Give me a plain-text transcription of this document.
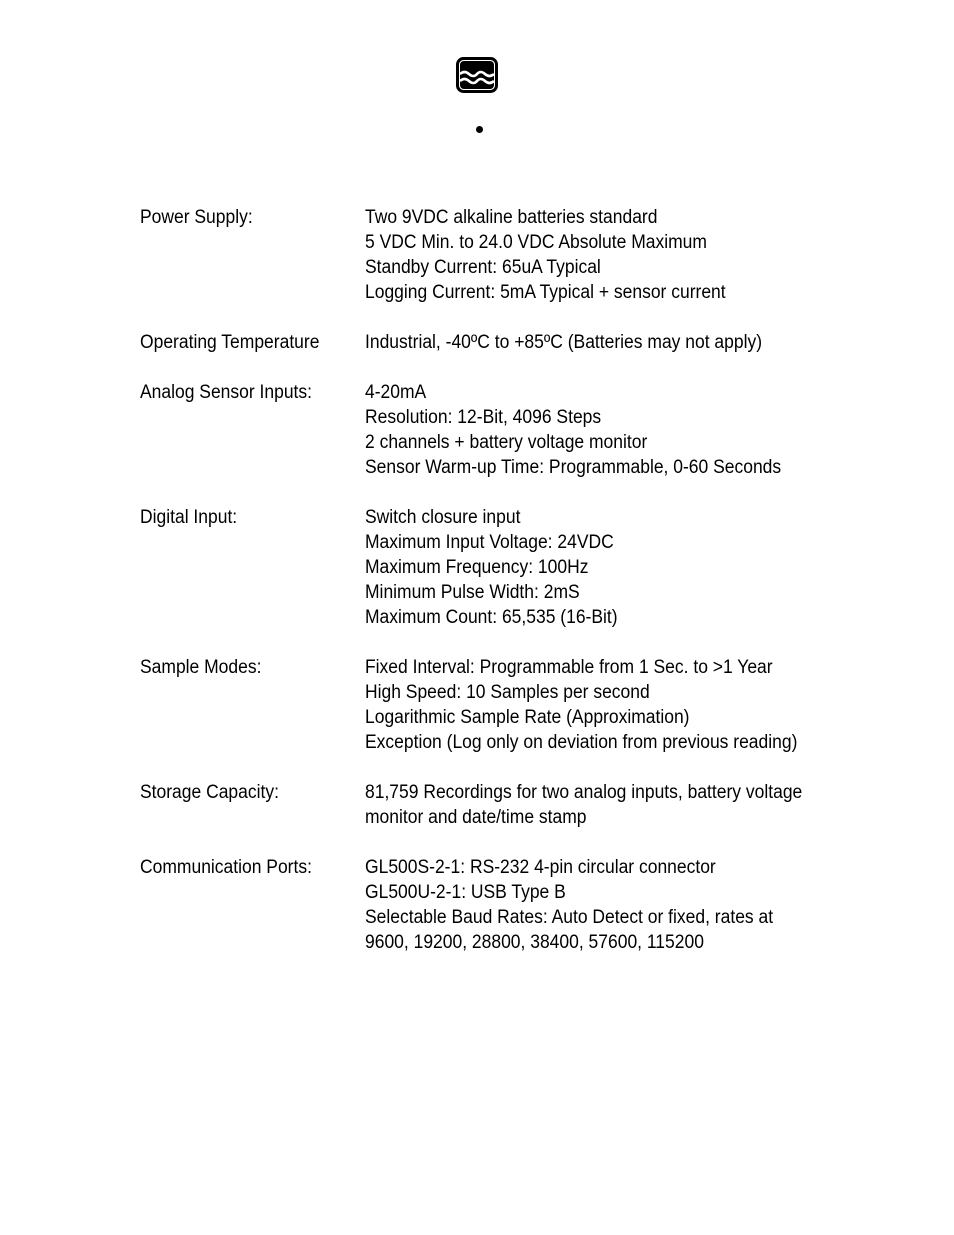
Power Supply:	Two 9VDC alkaline batteries standard
5 VDC Min. to 24.0 VDC Absolute Maximum
Standby Current: 65uA Typical
Logging Current: 5mA Typical + sensor current
Operating Temperature	Industrial, -40ºC to +85ºC (Batteries may not apply)
Analog Sensor Inputs:	4-20mA
Resolution: 12-Bit, 4096 Steps
2 channels + battery voltage monitor
Sensor Warm-up Time: Programmable, 0-60 Seconds
Digital Input:	Switch closure input
Maximum Input Voltage: 24VDC
Maximum Frequency: 100Hz
Minimum Pulse Width: 2mS
Maximum Count: 65,535 (16-Bit)
Sample Modes:	Fixed Interval: Programmable from 1 Sec. to >1 Year
High Speed: 10 Samples per second
Logarithmic Sample Rate (Approximation)
Exception (Log only on deviation from previous reading)
Storage Capacity:	81,759 Recordings for two analog inputs, battery voltage
monitor and date/time stamp
Communication Ports:	GL500S-2-1: RS-232 4-pin circular connector
GL500U-2-1: USB Type B
Selectable Baud Rates: Auto Detect or fixed, rates at
9600, 19200, 28800, 38400, 57600, 115200
